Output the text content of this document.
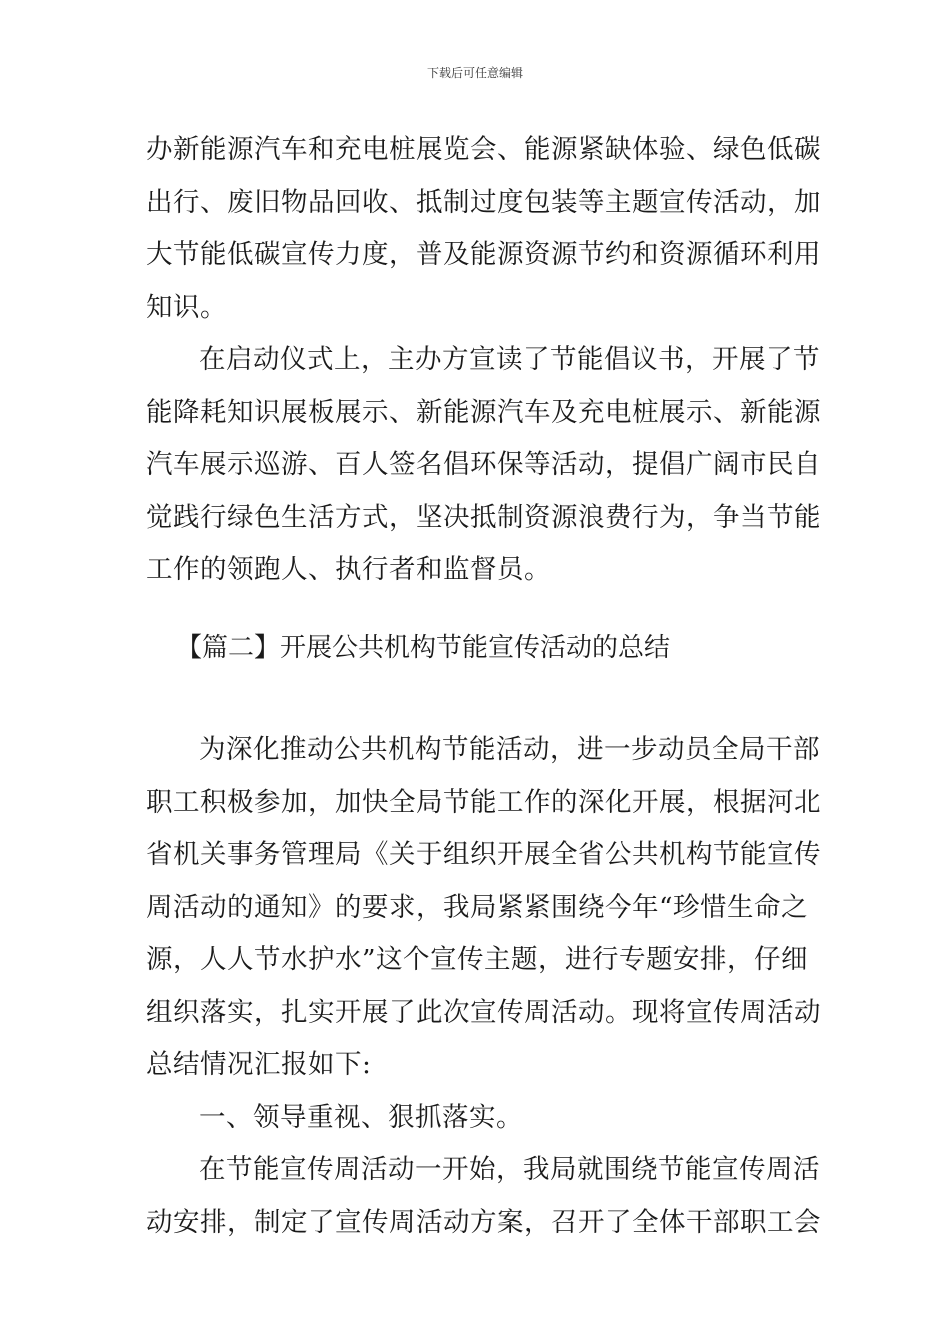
下载后可任意编辑
办新能源汽车和充电桩展览会、能源紧缺体验、绿色低碳
出行、废旧物品回收、抵制过度包装等主题宣传活动，加
大节能低碳宣传力度，普及能源资源节约和资源循环利用
知识。
在启动仪式上，主办方宣读了节能倡议书，开展了节
能降耗知识展板展示、新能源汽车及充电桩展示、新能源
汽车展示巡游、百人签名倡环保等活动，提倡广阔市民自
觉践行绿色生活方式，坚决抵制资源浪费行为，争当节能
工作的领跑人、执行者和监督员。
【篇二】开展公共机构节能宣传活动的总结
为深化推动公共机构节能活动，进一步动员全局干部
职工积极参加，加快全局节能工作的深化开展，根据河北
省机关事务管理局《关于组织开展全省公共机构节能宣传
周活动的通知》的要求，我局紧紧围绕今年“珍惜生命之
源，人人节水护水”这个宣传主题，进行专题安排，仔细
组织落实，扎实开展了此次宣传周活动。现将宣传周活动
总结情况汇报如下:
一、领导重视、狠抓落实。
在节能宣传周活动一开始，我局就围绕节能宣传周活
动安排，制定了宣传周活动方案，召开了全体干部职工会
